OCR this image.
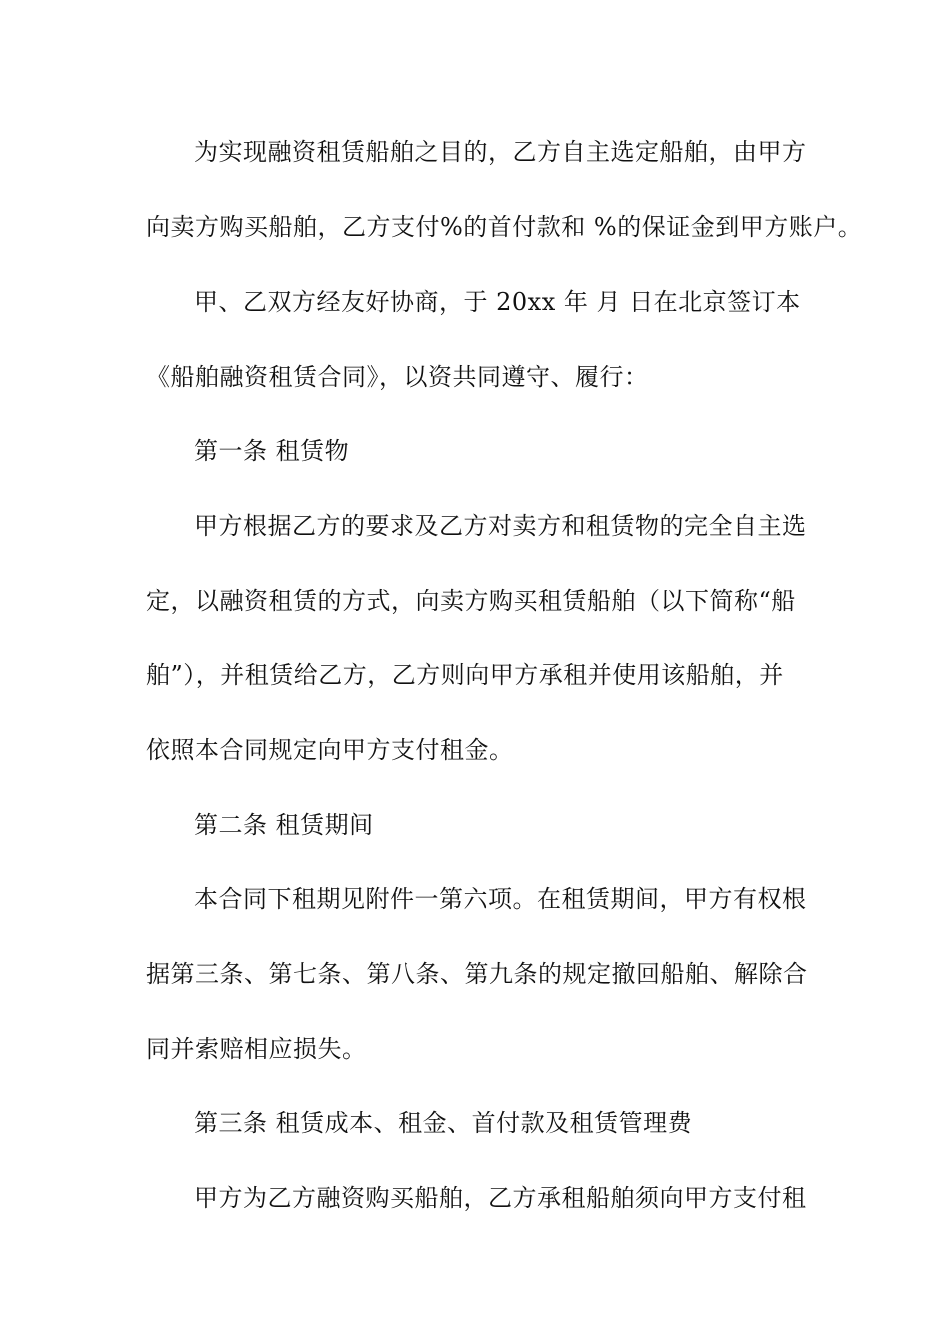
为实现融资租赁船舶之目的，乙方自主选定船舶，由甲方
向卖方购买船舶，乙方支付%的首付款和 %的保证金到甲方账户。
甲、乙双方经友好协商，于 20xx 年 月 日在北京签订本
《船舶融资租赁合同》，以资共同遵守、履行：
第一条 租赁物
甲方根据乙方的要求及乙方对卖方和租赁物的完全自主选
定，以融资租赁的方式，向卖方购买租赁船舶（以下简称“船
舶”），并租赁给乙方，乙方则向甲方承租并使用该船舶，并
依照本合同规定向甲方支付租金。
第二条 租赁期间
本合同下租期见附件一第六项。在租赁期间，甲方有权根
据第三条、第七条、第八条、第九条的规定撤回船舶、解除合
同并索赔相应损失。
第三条 租赁成本、租金、首付款及租赁管理费
甲方为乙方融资购买船舶，乙方承租船舶须向甲方支付租
